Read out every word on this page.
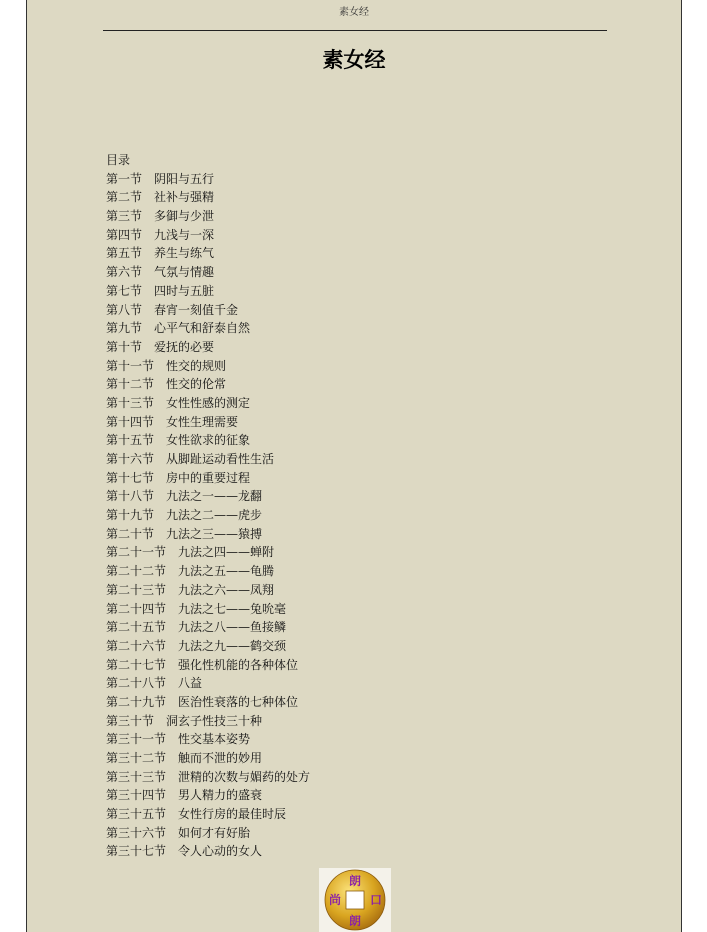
素女经
素女经
目录
第一节　 阴阳与五行
第二节　 社补与强精
第三节　 多御与少泄
第四节　 九浅与一深
第五节　 养生与练气
第六节　 气氛与情趣
第七节　 四时与五脏
第八节　 春宵一刻值千金
第九节　 心平气和舒泰自然
第十节　 爱抚的必要
第十一节　 性交的规则
第十二节　 性交的伦常
第十三节　 女性性感的测定
第十四节　 女性生理需要
第十五节　 女性欲求的征象
第十六节　 从脚趾运动看性生活
第十七节　 房中的重要过程
第十八节　 九法之一——龙翻
第十九节　 九法之二——虎步
第二十节　 九法之三——猿搏
第二十一节　 九法之四——蝉附
第二十二节　 九法之五——龟腾
第二十三节　 九法之六——凤翔
第二十四节　 九法之七——兔吮毫
第二十五节　 九法之八——鱼接鳞
第二十六节　 九法之九——鹤交颈
第二十七节　 强化性机能的各种体位
第二十八节　 八益
第二十九节　 医治性衰落的七种体位
第三十节　 洞玄子性技三十种
第三十一节　 性交基本姿势
第三十二节　 触而不泄的妙用
第三十三节　 泄精的次数与媚药的处方
第三十四节　 男人精力的盛衰
第三十五节　 女性行房的最佳时辰
第三十六节　 如何才有好胎
第三十七节　 令人心动的女人
朗
尚 口
朗
